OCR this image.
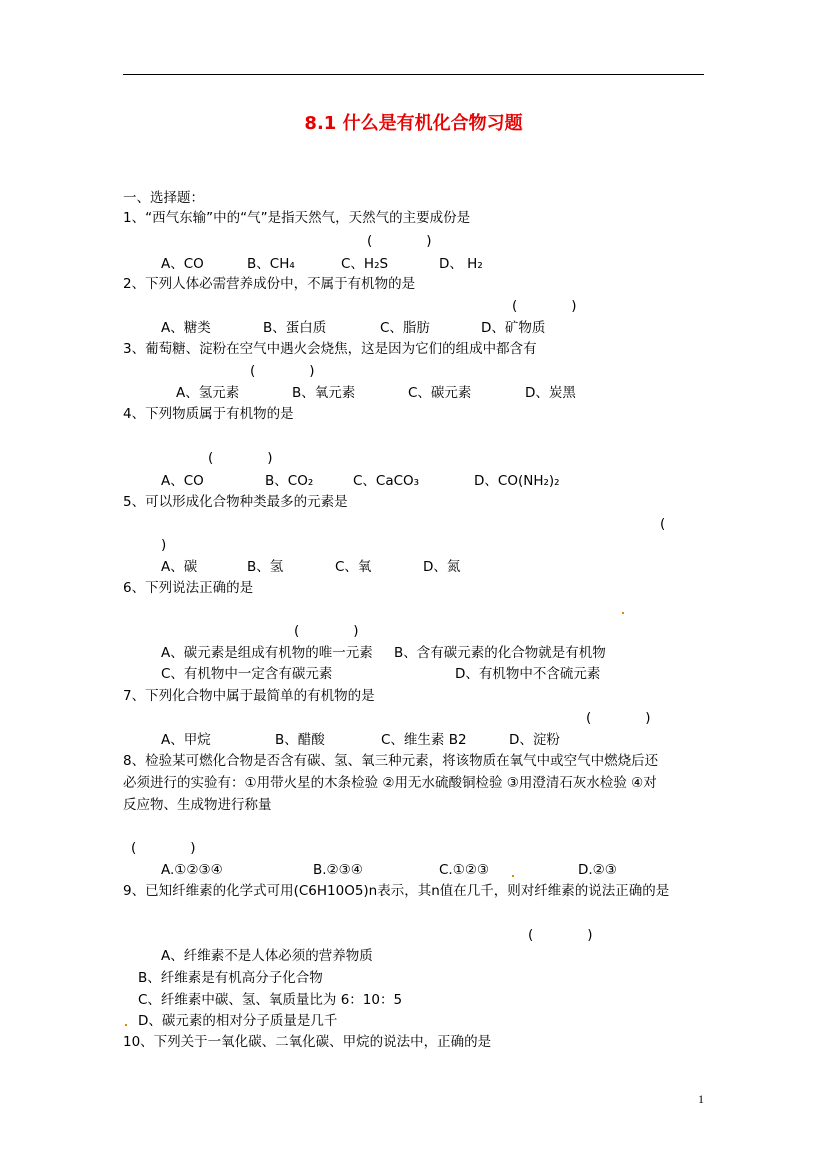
8.1 什么是有机化合物习题
一、选择题：
1、“西气东输”中的“气”是指天然气，天然气的主要成份是
(　　　　)
A、CO	B、CH₄	C、H₂S	D、 H₂
2、下列人体必需营养成份中，不属于有机物的是
(　　　　)
A、糖类	B、蛋白质	C、脂肪	D、矿物质
3、葡萄糖、淀粉在空气中遇火会烧焦，这是因为它们的组成中都含有
(　　　　)
A、氢元素	B、氧元素	C、碳元素	D、炭黑
4、下列物质属于有机物的是
(　　　　)
A、CO	B、CO₂	C、CaCO₃	D、CO(NH₂)₂
5、可以形成化合物种类最多的元素是
(
)
A、碳	B、氢	C、氧	D、氮
6、下列说法正确的是
(　　　　)
A、碳元素是组成有机物的唯一元素 B、含有碳元素的化合物就是有机物
C、有机物中一定含有碳元素	D、有机物中不含硫元素
7、下列化合物中属于最简单的有机物的是
(　　　　)
A、甲烷	B、醋酸	C、维生素 B2	D、淀粉
8、检验某可燃化合物是否含有碳、氢、氧三种元素，将该物质在氧气中或空气中燃烧后还
必须进行的实验有：①用带火星的木条检验 ②用无水硫酸铜检验 ③用澄清石灰水检验 ④对
反应物、生成物进行称量
(　　　　)
A.①②③④	B.②③④	C.①②③	D.②③
9、已知纤维素的化学式可用(C6H10O5)n表示，其n值在几千，则对纤维素的说法正确的是
(　　　　)
A、纤维素不是人体必须的营养物质
B、纤维素是有机高分子化合物
C、纤维素中碳、氢、氧质量比为 6：10：5
D、碳元素的相对分子质量是几千
10、下列关于一氧化碳、二氧化碳、甲烷的说法中，正确的是
1
